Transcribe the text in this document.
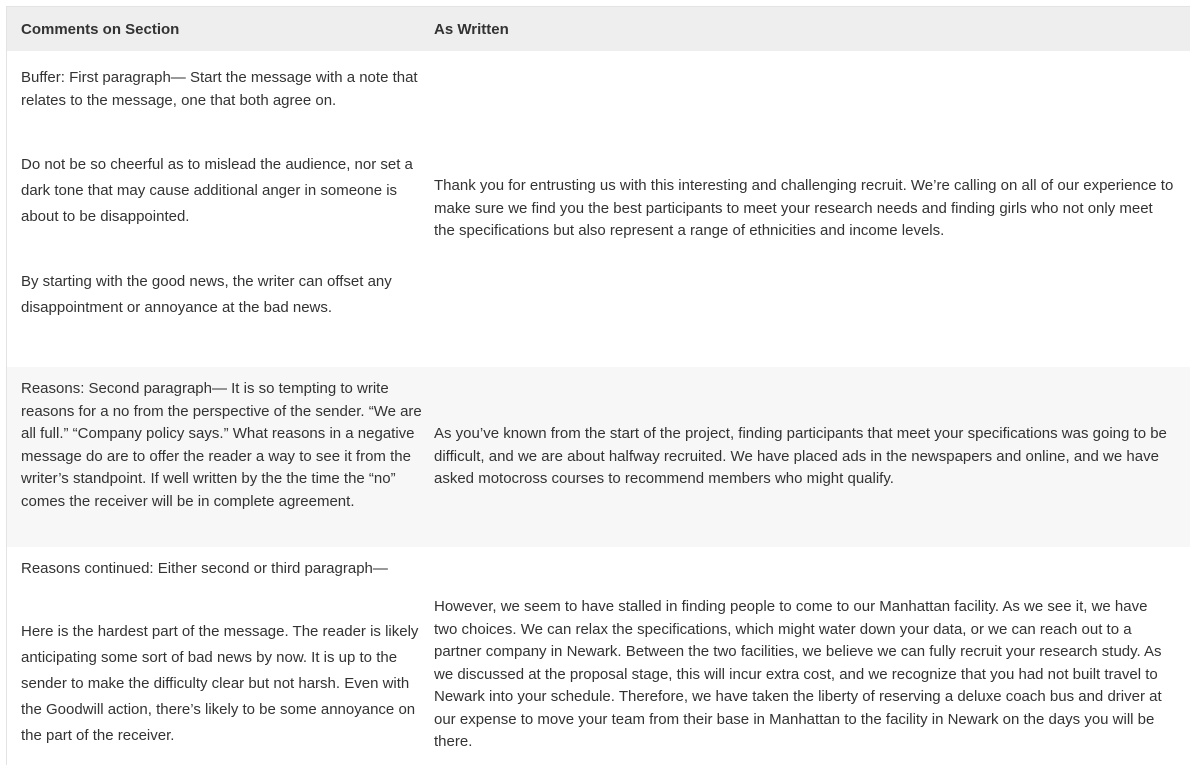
Comments on Section	As Written

Buffer: First paragraph— Start the message with a note that relates to the message, one that both agree on.

Do not be so cheerful as to mislead the audience, nor set a dark tone that may cause additional anger in someone is about to be disappointed.

By starting with the good news, the writer can offset any disappointment or annoyance at the bad news.

Thank you for entrusting us with this interesting and challenging recruit. We’re calling on all of our experience to make sure we find you the best participants to meet your research needs and finding girls who not only meet the specifications but also represent a range of ethnicities and income levels.

Reasons: Second paragraph— It is so tempting to write reasons for a no from the perspective of the sender. “We are all full.” “Company policy says.” What reasons in a negative message do are to offer the reader a way to see it from the writer’s standpoint. If well written by the the time the “no” comes the receiver will be in complete agreement.

As you’ve known from the start of the project, finding participants that meet your specifications was going to be difficult, and we are about halfway recruited. We have placed ads in the newspapers and online, and we have asked motocross courses to recommend members who might qualify.

Reasons continued: Either second or third paragraph—

Here is the hardest part of the message. The reader is likely anticipating some sort of bad news by now. It is up to the sender to make the difficulty clear but not harsh. Even with the Goodwill action, there’s likely to be some annoyance on the part of the receiver.

However, we seem to have stalled in finding people to come to our Manhattan facility. As we see it, we have two choices. We can relax the specifications, which might water down your data, or we can reach out to a partner company in Newark. Between the two facilities, we believe we can fully recruit your research study. As we discussed at the proposal stage, this will incur extra cost, and we recognize that you had not built travel to Newark into your schedule. Therefore, we have taken the liberty of reserving a deluxe coach bus and driver at our expense to move your team from their base in Manhattan to the facility in Newark on the days you will be there.
